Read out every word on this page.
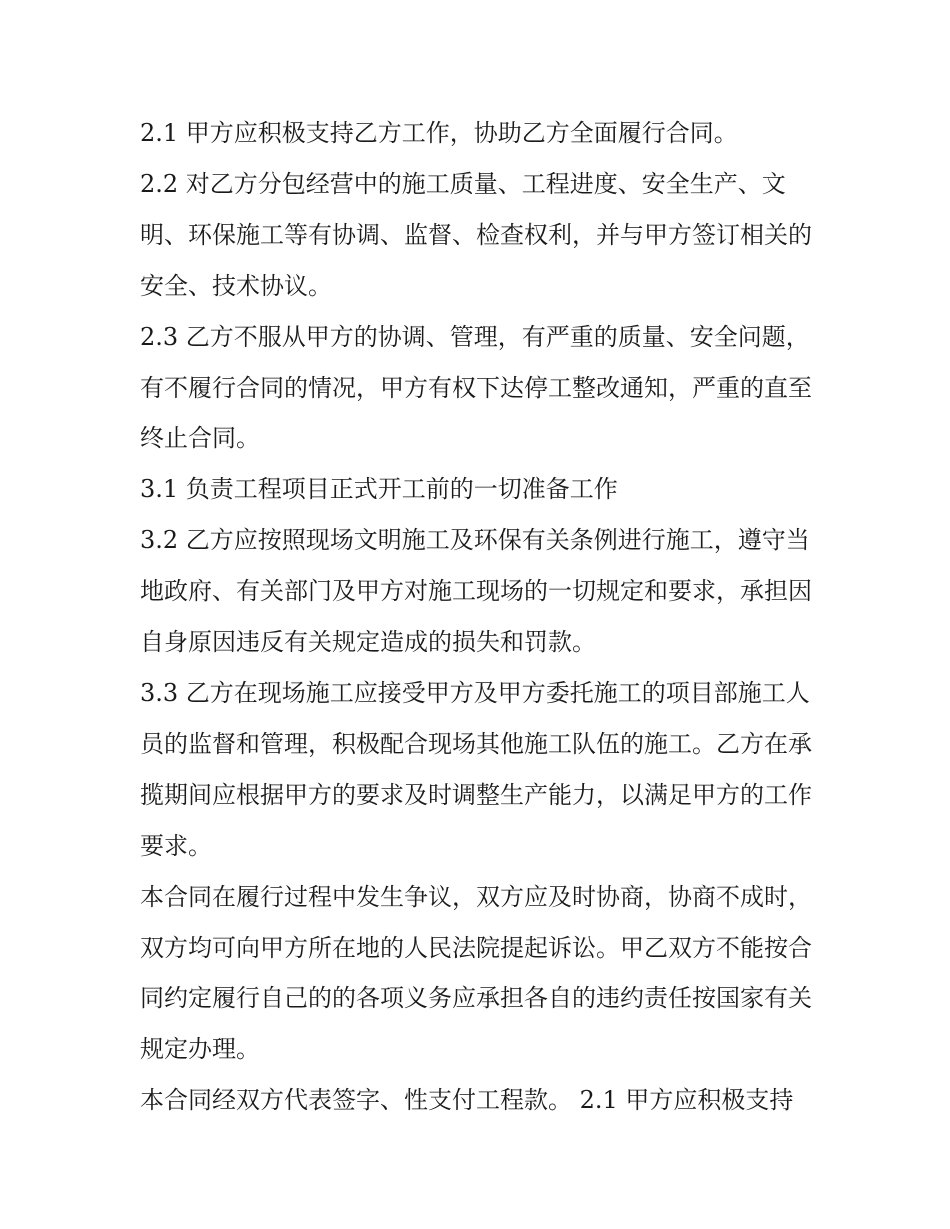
2.1 甲方应积极支持乙方工作，协助乙方全面履行合同。

2.2 对乙方分包经营中的施工质量、工程进度、安全生产、文明、环保施工等有协调、监督、检查权利，并与甲方签订相关的安全、技术协议。

2.3 乙方不服从甲方的协调、管理，有严重的质量、安全问题，有不履行合同的情况，甲方有权下达停工整改通知，严重的直至终止合同。

3.1 负责工程项目正式开工前的一切准备工作

3.2 乙方应按照现场文明施工及环保有关条例进行施工，遵守当地政府、有关部门及甲方对施工现场的一切规定和要求，承担因自身原因违反有关规定造成的损失和罚款。

3.3 乙方在现场施工应接受甲方及甲方委托施工的项目部施工人员的监督和管理，积极配合现场其他施工队伍的施工。乙方在承揽期间应根据甲方的要求及时调整生产能力，以满足甲方的工作要求。

本合同在履行过程中发生争议，双方应及时协商，协商不成时，双方均可向甲方所在地的人民法院提起诉讼。甲乙双方不能按合同约定履行自己的的各项义务应承担各自的违约责任按国家有关规定办理。

本合同经双方代表签字、性支付工程款。 2.1 甲方应积极支持
